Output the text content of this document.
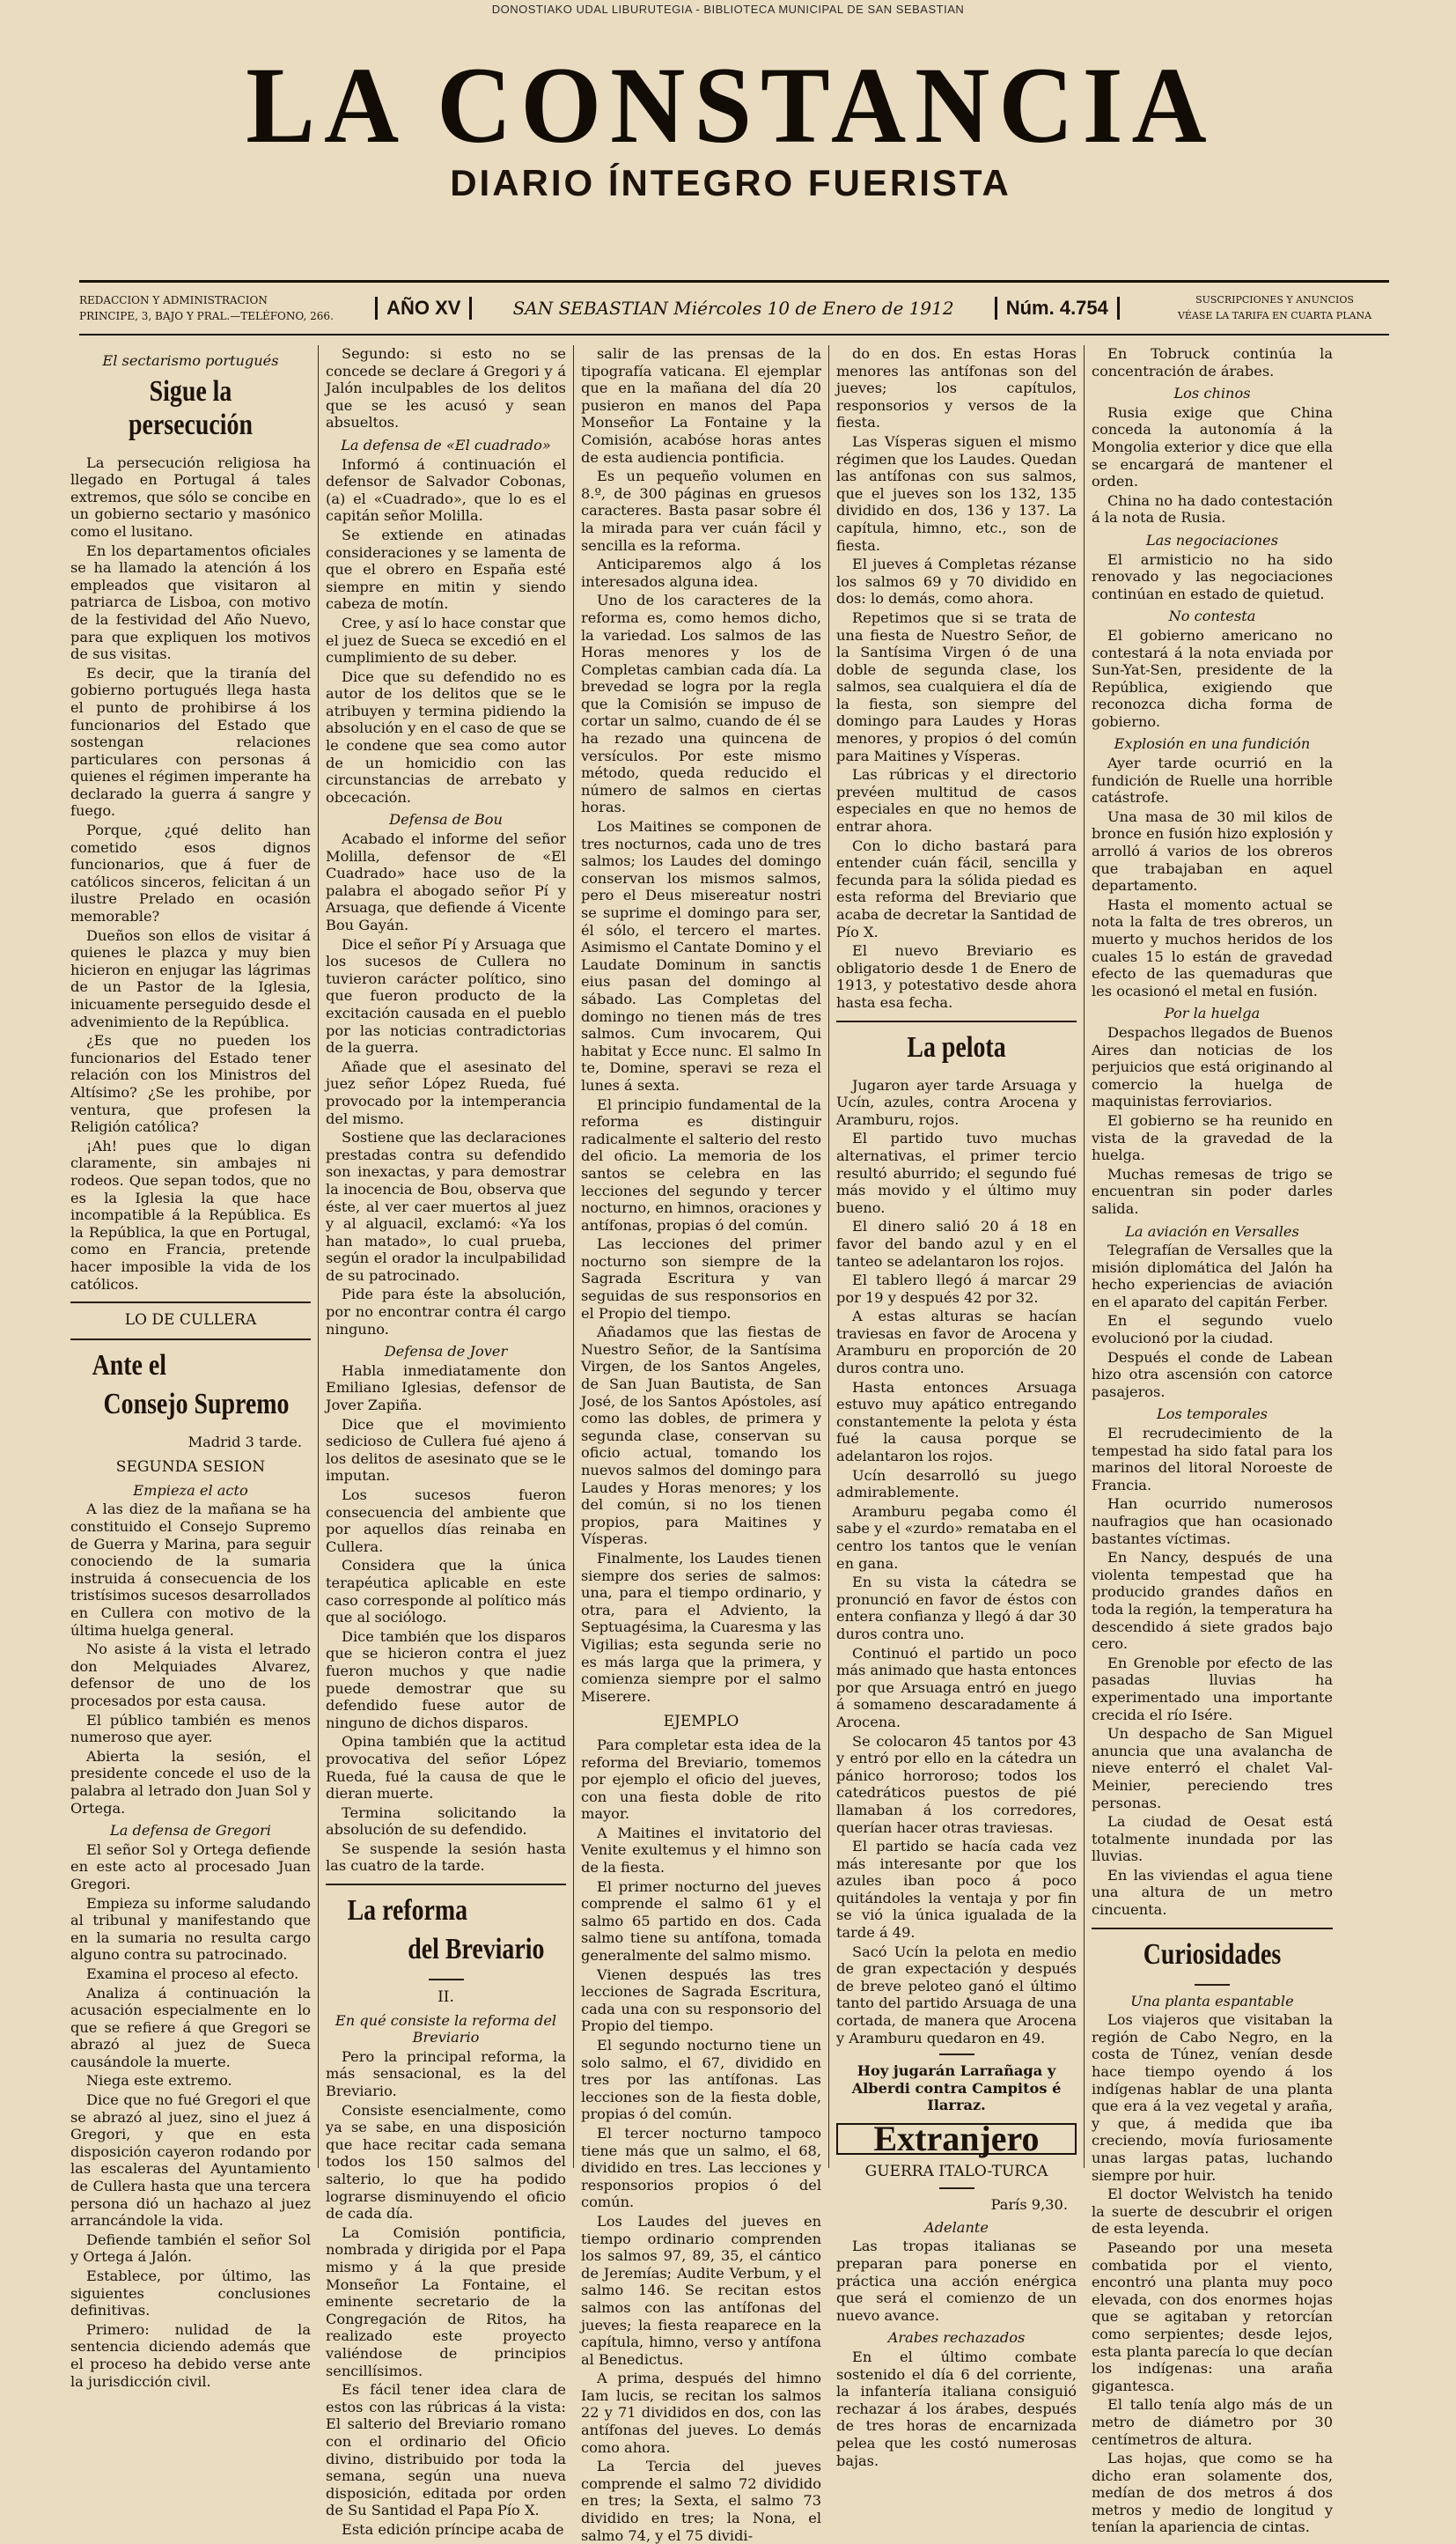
DONOSTIAKO UDAL LIBURUTEGIA - BIBLIOTECA MUNICIPAL DE SAN SEBASTIAN
LA CONSTANCIA
DIARIO ÍNTEGRO FUERISTA
REDACCION Y ADMINISTRACION
PRINCIPE, 3, BAJO Y PRAL.—TELÉFONO, 266.	AÑO XV	SAN SEBASTIAN Miércoles 10 de Enero de 1912	Núm. 4.754	SUSCRIPCIONES Y ANUNCIOS
VÉASE LA TARIFA EN CUARTA PLANA
El sectarismo portugués
Sigue la persecución

La persecución religiosa ha llegado en Portugal á tales extremos, que sólo se concibe en un gobierno sectario y masónico como el lusitano.

En los departamentos oficiales se ha llamado la atención á los empleados que visitaron al patriarca de Lisboa, con motivo de la festividad del Año Nuevo, para que expliquen los motivos de sus visitas.

Es decir, que la tiranía del gobierno portugués llega hasta el punto de prohibirse á los funcionarios del Estado que sostengan relaciones particulares con personas á quienes el régimen imperante ha declarado la guerra á sangre y fuego.

Porque, ¿qué delito han cometido esos dignos funcionarios, que á fuer de católicos sinceros, felicitan á un ilustre Prelado en ocasión memorable?

Dueños son ellos de visitar á quienes le plazca y muy bien hicieron en enjugar las lágrimas de un Pastor de la Iglesia, inicuamente perseguido desde el advenimiento de la República.

¿Es que no pueden los funcionarios del Estado tener relación con los Ministros del Altísimo? ¿Se les prohibe, por ventura, que profesen la Religión católica?

¡Ah! pues que lo digan claramente, sin ambajes ni rodeos. Que sepan todos, que no es la Iglesia la que hace incompatible á la República. Es la República, la que en Portugal, como en Francia, pretende hacer imposible la vida de los católicos.

LO DE CULLERA
Ante el
Consejo Supremo
Madrid 3 tarde.
SEGUNDA SESION
Empieza el acto

A las diez de la mañana se ha constituido el Consejo Supremo de Guerra y Marina, para seguir conociendo de la sumaria instruida á consecuencia de los tristísimos sucesos desarrollados en Cullera con motivo de la última huelga general.

No asiste á la vista el letrado don Melquiades Alvarez, defensor de uno de los procesados por esta causa.

El público también es menos numeroso que ayer.

Abierta la sesión, el presidente concede el uso de la palabra al letrado don Juan Sol y Ortega.

La defensa de Gregori

El señor Sol y Ortega defiende en este acto al procesado Juan Gregori.

Empieza su informe saludando al tribunal y manifestando que en la sumaria no resulta cargo alguno contra su patrocinado.

Examina el proceso al efecto.

Analiza á continuación la acusación especialmente en lo que se refiere á que Gregori se abrazó al juez de Sueca causándole la muerte.

Niega este extremo.

Dice que no fué Gregori el que se abrazó al juez, sino el juez á Gregori, y que en esta disposición cayeron rodando por las escaleras del Ayuntamiento de Cullera hasta que una tercera persona dió un hachazo al juez arrancándole la vida.

Defiende también el señor Sol y Ortega á Jalón.

Establece, por último, las siguientes conclusiones definitivas.

Primero: nulidad de la sentencia diciendo además que el proceso ha debido verse ante la jurisdicción civil.

Segundo: si esto no se concede se declare á Gregori y á Jalón inculpables de los delitos que se les acusó y sean absueltos.

La defensa de «El cuadrado»

Informó á continuación el defensor de Salvador Cobonas, (a) el «Cuadrado», que lo es el capitán señor Molilla.

Se extiende en atinadas consideraciones y se lamenta de que el obrero en España esté siempre en mitin y siendo cabeza de motín.

Cree, y así lo hace constar que el juez de Sueca se excedió en el cumplimiento de su deber.

Dice que su defendido no es autor de los delitos que se le atribuyen y termina pidiendo la absolución y en el caso de que se le condene que sea como autor de un homicidio con las circunstancias de arrebato y obcecación.

Defensa de Bou

Acabado el informe del señor Molilla, defensor de «El Cuadrado» hace uso de la palabra el abogado señor Pí y Arsuaga, que defiende á Vicente Bou Gayán.

Dice el señor Pí y Arsuaga que los sucesos de Cullera no tuvieron carácter político, sino que fueron producto de la excitación causada en el pueblo por las noticias contradictorias de la guerra.

Añade que el asesinato del juez señor López Rueda, fué provocado por la intemperancia del mismo.

Sostiene que las declaraciones prestadas contra su defendido son inexactas, y para demostrar la inocencia de Bou, observa que éste, al ver caer muertos al juez y al alguacil, exclamó: «Ya los han matado», lo cual prueba, según el orador la inculpabilidad de su patrocinado.

Pide para éste la absolución, por no encontrar contra él cargo ninguno.

Defensa de Jover

Habla inmediatamente don Emiliano Iglesias, defensor de Jover Zapiña.

Dice que el movimiento sedicioso de Cullera fué ajeno á los delitos de asesinato que se le imputan.

Los sucesos fueron consecuencia del ambiente que por aquellos días reinaba en Cullera.

Considera que la única terapéutica aplicable en este caso corresponde al político más que al sociólogo.

Dice también que los disparos que se hicieron contra el juez fueron muchos y que nadie puede demostrar que su defendido fuese autor de ninguno de dichos disparos.

Opina también que la actitud provocativa del señor López Rueda, fué la causa de que le dieran muerte.

Termina solicitando la absolución de su defendido.

Se suspende la sesión hasta las cuatro de la tarde.

La reforma
del Breviario
II.
En qué consiste la reforma del Breviario

Pero la principal reforma, la más sensacional, es la del Breviario.

Consiste esencialmente, como ya se sabe, en una disposición que hace recitar cada semana todos los 150 salmos del salterio, lo que ha podido lograrse disminuyendo el oficio de cada día.

La Comisión pontificia, nombrada y dirigida por el Papa mismo y á la que preside Monseñor La Fontaine, el eminente secretario de la Congregación de Ritos, ha realizado este proyecto valiéndose de principios sencillísimos.

Es fácil tener idea clara de estos con las rúbricas á la vista: El salterio del Breviario romano con el ordinario del Oficio divino, distribuido por toda la semana, según una nueva disposición, editada por orden de Su Santidad el Papa Pío X.

Esta edición príncipe acaba de

salir de las prensas de la tipografía vaticana. El ejemplar que en la mañana del día 20 pusieron en manos del Papa Monseñor La Fontaine y la Comisión, acabóse horas antes de esta audiencia pontificia.

Es un pequeño volumen en 8.º, de 300 páginas en gruesos caracteres. Basta pasar sobre él la mirada para ver cuán fácil y sencilla es la reforma.

Anticiparemos algo á los interesados alguna idea.

Uno de los caracteres de la reforma es, como hemos dicho, la variedad. Los salmos de las Horas menores y los de Completas cambian cada día. La brevedad se logra por la regla que la Comisión se impuso de cortar un salmo, cuando de él se ha rezado una quincena de versículos. Por este mismo método, queda reducido el número de salmos en ciertas horas.

Los Maitines se componen de tres nocturnos, cada uno de tres salmos; los Laudes del domingo conservan los mismos salmos, pero el Deus misereatur nostri se suprime el domingo para ser, él sólo, el tercero el martes. Asimismo el Cantate Domino y el Laudate Dominum in sanctis eius pasan del domingo al sábado. Las Completas del domingo no tienen más de tres salmos. Cum invocarem, Qui habitat y Ecce nunc. El salmo In te, Domine, speravi se reza el lunes á sexta.

El principio fundamental de la reforma es distinguir radicalmente el salterio del resto del oficio. La memoria de los santos se celebra en las lecciones del segundo y tercer nocturno, en himnos, oraciones y antífonas, propias ó del común.

Las lecciones del primer nocturno son siempre de la Sagrada Escritura y van seguidas de sus responsorios en el Propio del tiempo.

Añadamos que las fiestas de Nuestro Señor, de la Santísima Virgen, de los Santos Angeles, de San Juan Bautista, de San José, de los Santos Apóstoles, así como las dobles, de primera y segunda clase, conservan su oficio actual, tomando los nuevos salmos del domingo para Laudes y Horas menores; y los del común, si no los tienen propios, para Maitines y Vísperas.

Finalmente, los Laudes tienen siempre dos series de salmos: una, para el tiempo ordinario, y otra, para el Adviento, la Septuagésima, la Cuaresma y las Vigilias; esta segunda serie no es más larga que la primera, y comienza siempre por el salmo Miserere.

EJEMPLO

Para completar esta idea de la reforma del Breviario, tomemos por ejemplo el oficio del jueves, con una fiesta doble de rito mayor.

A Maitines el invitatorio del Venite exultemus y el himno son de la fiesta.

El primer nocturno del jueves comprende el salmo 61 y el salmo 65 partido en dos. Cada salmo tiene su antífona, tomada generalmente del salmo mismo.

Vienen después las tres lecciones de Sagrada Escritura, cada una con su responsorio del Propio del tiempo.

El segundo nocturno tiene un solo salmo, el 67, dividido en tres por las antífonas. Las lecciones son de la fiesta doble, propias ó del común.

El tercer nocturno tampoco tiene más que un salmo, el 68, dividido en tres. Las lecciones y responsorios propios ó del común.

Los Laudes del jueves en tiempo ordinario comprenden los salmos 97, 89, 35, el cántico de Jeremías; Audite Verbum, y el salmo 146. Se recitan estos salmos con las antífonas del jueves; la fiesta reaparece en la capítula, himno, verso y antífona al Benedictus.

A prima, después del himno Iam lucis, se recitan los salmos 22 y 71 divididos en dos, con las antífonas del jueves. Lo demás como ahora.

La Tercia del jueves comprende el salmo 72 dividido en tres; la Sexta, el salmo 73 dividido en tres; la Nona, el salmo 74, y el 75 dividi-

do en dos. En estas Horas menores las antífonas son del jueves; los capítulos, responsorios y versos de la fiesta.

Las Vísperas siguen el mismo régimen que los Laudes. Quedan las antífonas con sus salmos, que el jueves son los 132, 135 dividido en dos, 136 y 137. La capítula, himno, etc., son de fiesta.

El jueves á Completas rézanse los salmos 69 y 70 dividido en dos: lo demás, como ahora.

Repetimos que si se trata de una fiesta de Nuestro Señor, de la Santísima Virgen ó de una doble de segunda clase, los salmos, sea cualquiera el día de la fiesta, son siempre del domingo para Laudes y Horas menores, y propios ó del común para Maitines y Vísperas.

Las rúbricas y el directorio prevéen multitud de casos especiales en que no hemos de entrar ahora.

Con lo dicho bastará para entender cuán fácil, sencilla y fecunda para la sólida piedad es esta reforma del Breviario que acaba de decretar la Santidad de Pío X.

El nuevo Breviario es obligatorio desde 1 de Enero de 1913, y potestativo desde ahora hasta esa fecha.

La pelota

Jugaron ayer tarde Arsuaga y Ucín, azules, contra Arocena y Aramburu, rojos.

El partido tuvo muchas alternativas, el primer tercio resultó aburrido; el segundo fué más movido y el último muy bueno.

El dinero salió 20 á 18 en favor del bando azul y en el tanteo se adelantaron los rojos.

El tablero llegó á marcar 29 por 19 y después 42 por 32.

A estas alturas se hacían traviesas en favor de Arocena y Aramburu en proporción de 20 duros contra uno.

Hasta entonces Arsuaga estuvo muy apático entregando constantemente la pelota y ésta fué la causa porque se adelantaron los rojos.

Ucín desarrolló su juego admirablemente.

Aramburu pegaba como él sabe y el «zurdo» remataba en el centro los tantos que le venían en gana.

En su vista la cátedra se pronunció en favor de éstos con entera confianza y llegó á dar 30 duros contra uno.

Continuó el partido un poco más animado que hasta entonces por que Arsuaga entró en juego á somameno descaradamente á Arocena.

Se colocaron 45 tantos por 43 y entró por ello en la cátedra un pánico horroroso; todos los catedráticos puestos de pié llamaban á los corredores, querían hacer otras traviesas.

El partido se hacía cada vez más interesante por que los azules iban poco á poco quitándoles la ventaja y por fin se vió la única igualada de la tarde á 49.

Sacó Ucín la pelota en medio de gran expectación y después de breve peloteo ganó el último tanto del partido Arsuaga de una cortada, de manera que Arocena y Aramburu quedaron en 49.

Hoy jugarán Larrañaga y Alberdi contra Campitos é Ilarraz.

Extranjero
GUERRA ITALO-TURCA
París 9,30.
Adelante

Las tropas italianas se preparan para ponerse en práctica una acción enérgica que será el comienzo de un nuevo avance.

Arabes rechazados

En el último combate sostenido el día 6 del corriente, la infantería italiana consiguió rechazar á los árabes, después de tres horas de encarnizada pelea que les costó numerosas bajas.

En Tobruck continúa la concentración de árabes.

Los chinos

Rusia exige que China conceda la autonomía á la Mongolia exterior y dice que ella se encargará de mantener el orden.

China no ha dado contestación á la nota de Rusia.

Las negociaciones

El armisticio no ha sido renovado y las negociaciones continúan en estado de quietud.

No contesta

El gobierno americano no contestará á la nota enviada por Sun-Yat-Sen, presidente de la República, exigiendo que reconozca dicha forma de gobierno.

Explosión en una fundición

Ayer tarde ocurrió en la fundición de Ruelle una horrible catástrofe.

Una masa de 30 mil kilos de bronce en fusión hizo explosión y arrolló á varios de los obreros que trabajaban en aquel departamento.

Hasta el momento actual se nota la falta de tres obreros, un muerto y muchos heridos de los cuales 15 lo están de gravedad efecto de las quemaduras que les ocasionó el metal en fusión.

Por la huelga

Despachos llegados de Buenos Aires dan noticias de los perjuicios que está originando al comercio la huelga de maquinistas ferroviarios.

El gobierno se ha reunido en vista de la gravedad de la huelga.

Muchas remesas de trigo se encuentran sin poder darles salida.

La aviación en Versalles

Telegrafían de Versalles que la misión diplomática del Jalón ha hecho experiencias de aviación en el aparato del capitán Ferber.

En el segundo vuelo evolucionó por la ciudad.

Después el conde de Labean hizo otra ascensión con catorce pasajeros.

Los temporales

El recrudecimiento de la tempestad ha sido fatal para los marinos del litoral Noroeste de Francia.

Han ocurrido numerosos naufragios que han ocasionado bastantes víctimas.

En Nancy, después de una violenta tempestad que ha producido grandes daños en toda la región, la temperatura ha descendido á siete grados bajo cero.

En Grenoble por efecto de las pasadas lluvias ha experimentado una importante crecida el río Isére.

Un despacho de San Miguel anuncia que una avalancha de nieve enterró el chalet Val-Meinier, pereciendo tres personas.

La ciudad de Oesat está totalmente inundada por las lluvias.

En las viviendas el agua tiene una altura de un metro cincuenta.

Curiosidades
Una planta espantable

Los viajeros que visitaban la región de Cabo Negro, en la costa de Túnez, venían desde hace tiempo oyendo á los indígenas hablar de una planta que era á la vez vegetal y araña, y que, á medida que iba creciendo, movía furiosamente unas largas patas, luchando siempre por huir.

El doctor Welvistch ha tenido la suerte de descubrir el origen de esta leyenda.

Paseando por una meseta combatida por el viento, encontró una planta muy poco elevada, con dos enormes hojas que se agitaban y retorcían como serpientes; desde lejos, esta planta parecía lo que decían los indígenas: una araña gigantesca.

El tallo tenía algo más de un metro de diámetro por 30 centímetros de altura.

Las hojas, que como se ha dicho eran solamente dos, medían de dos metros á dos metros y medio de longitud y tenían la apariencia de cintas.
